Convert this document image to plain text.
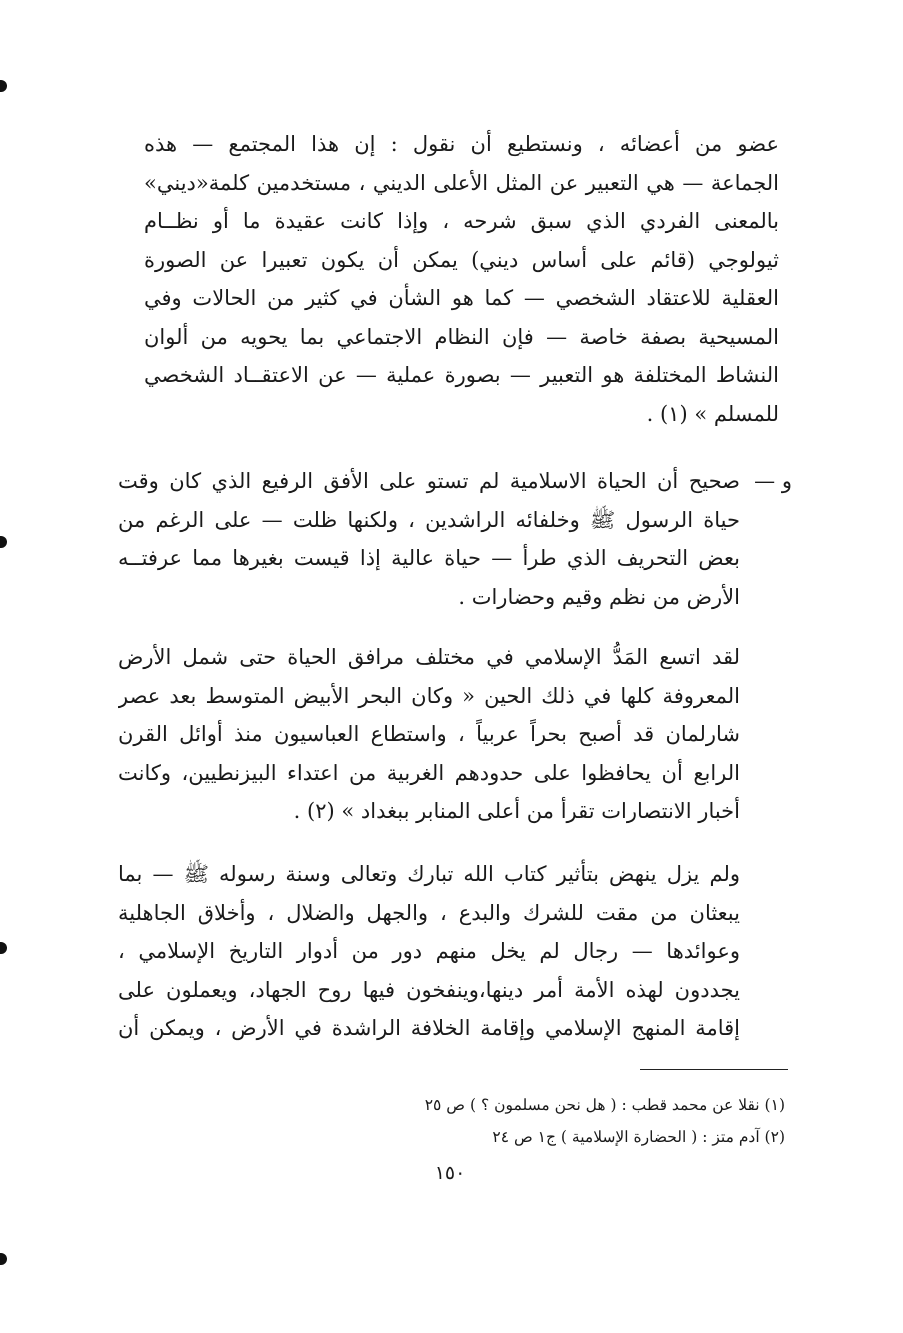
عضو من أعضائه ، ونستطيع أن نقول : إن هذا المجتمع — هذه
الجماعة — هي التعبير عن المثل الأعلى الديني ، مستخدمين كلمة«ديني»
بالمعنى الفردي الذي سبق شرحه ، وإذا كانت عقيدة ما أو نظــام
ثيولوجي (قائم على أساس ديني) يمكن أن يكون تعبيرا عن الصورة
العقلية للاعتقاد الشخصي — كما هو الشأن في كثير من الحالات وفي
المسيحية بصفة خاصة — فإن النظام الاجتماعي بما يحويه من ألوان
النشاط المختلفة هو التعبير — بصورة عملية — عن الاعتقــاد الشخصي
للمسلم » (١) .
و —
صحيح أن الحياة الاسلامية لم تستو على الأفق الرفيع الذي كان وقت
حياة الرسول ﷺ وخلفائه الراشدين ، ولكنها ظلت — على الرغم من
بعض التحريف الذي طرأ — حياة عالية إذا قيست بغيرها مما عرفتــه
الأرض من نظم وقيم وحضارات .
لقد اتسع المَدُّ الإسلامي في مختلف مرافق الحياة حتى شمل الأرض
المعروفة كلها في ذلك الحين « وكان البحر الأبيض المتوسط بعد عصر
شارلمان قد أصبح بحراً عربياً ، واستطاع العباسيون منذ أوائل القرن
الرابع أن يحافظوا على حدودهم الغربية من اعتداء البيزنطيين، وكانت
أخبار الانتصارات تقرأ من أعلى المنابر ببغداد » (٢) .
ولم يزل ينهض بتأثير كتاب الله تبارك وتعالى وسنة رسوله ﷺ — بما
يبعثان من مقت للشرك والبدع ، والجهل والضلال ، وأخلاق الجاهلية
وعوائدها — رجال لم يخل منهم دور من أدوار التاريخ الإسلامي ،
يجددون لهذه الأمة أمر دينها،وينفخون فيها روح الجهاد، ويعملون على
إقامة المنهج الإسلامي وإقامة الخلافة الراشدة في الأرض ، ويمكن أن
(١) نقلا عن محمد قطب : ( هل نحن مسلمون ؟ ) ص ٢٥
(٢) آدم متز : ( الحضارة الإسلامية ) ج١ ص ٢٤
١٥٠
